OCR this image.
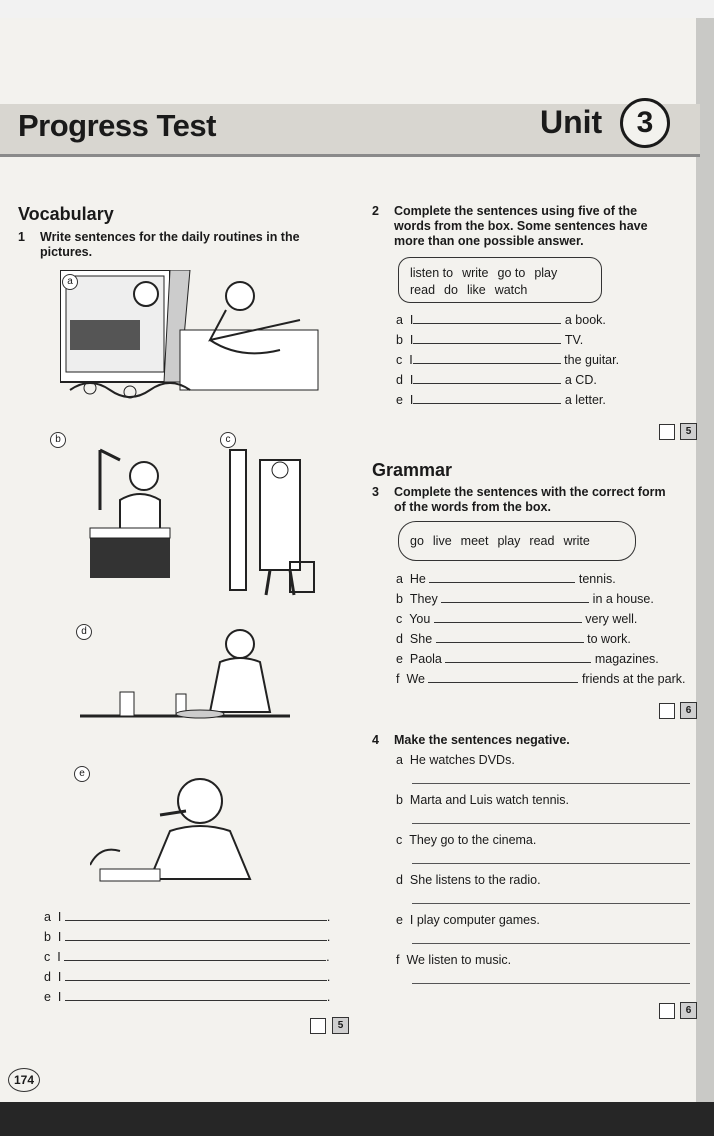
Progress Test	Unit	3
Vocabulary
1 Write sentences for the daily routines in the
pictures.
a
b	c
d
e
a I	.
b I	.
c I	.
d I	.
e I	.
5
2 Complete the sentences using five of the
words from the box. Some sentences have
more than one possible answer.
listen to write go to play
read do like watch
a I	a book.
b I	TV.
c I	the guitar.
d I	a CD.
e I	a letter.
5
Grammar
3 Complete the sentences with the correct form
of the words from the box.
go live meet play read write
a He	tennis.
b They	in a house.
c You	very well.
d She	to work.
e Paola	magazines.
f We	friends at the park.
6
4 Make the sentences negative.
a He watches DVDs.
b Marta and Luis watch tennis.
c They go to the cinema.
d She listens to the radio.
e I play computer games.
f We listen to music.
6
174
